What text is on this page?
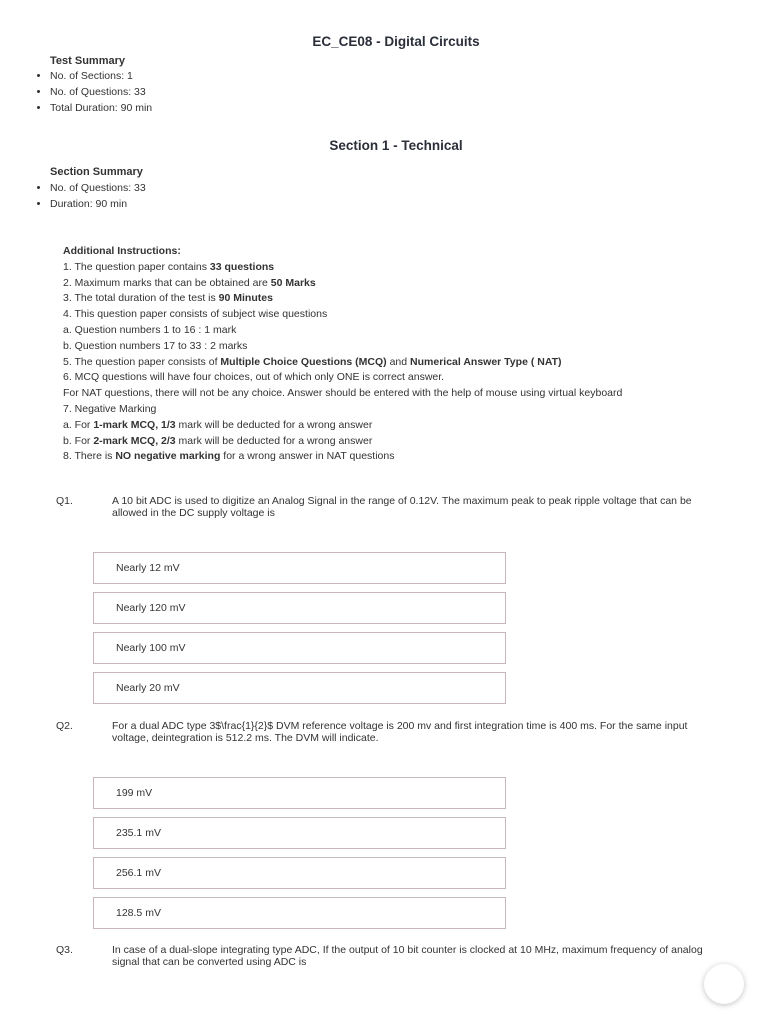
EC_CE08 - Digital Circuits
Test Summary
• No. of Sections: 1
• No. of Questions: 33
• Total Duration: 90 min
Section 1 - Technical
Section Summary
• No. of Questions: 33
• Duration: 90 min
Additional Instructions:
1. The question paper contains 33 questions
2. Maximum marks that can be obtained are 50 Marks
3. The total duration of the test is 90 Minutes
4. This question paper consists of subject wise questions
a. Question numbers 1 to 16 : 1 mark
b. Question numbers 17 to 33 : 2 marks
5. The question paper consists of Multiple Choice Questions (MCQ) and Numerical Answer Type ( NAT)
6. MCQ questions will have four choices, out of which only ONE is correct answer.
For NAT questions, there will not be any choice. Answer should be entered with the help of mouse using virtual keyboard
7. Negative Marking
a. For 1-mark MCQ, 1/3 mark will be deducted for a wrong answer
b. For 2-mark MCQ, 2/3 mark will be deducted for a wrong answer
8. There is NO negative marking for a wrong answer in NAT questions
Q1.	A 10 bit ADC is used to digitize an Analog Signal in the range of 0.12V. The maximum peak to peak ripple voltage that can be allowed in the DC supply voltage is
Nearly 12 mV
Nearly 120 mV
Nearly 100 mV
Nearly 20 mV
Q2.	For a dual ADC type 3$\frac{1}{2}$ DVM reference voltage is 200 mv and first integration time is 400 ms. For the same input voltage, deintegration is 512.2 ms. The DVM will indicate.
199 mV
235.1 mV
256.1 mV
128.5 mV
Q3.	In case of a dual-slope integrating type ADC, If the output of 10 bit counter is clocked at 10 MHz, maximum frequency of analog signal that can be converted using ADC is
